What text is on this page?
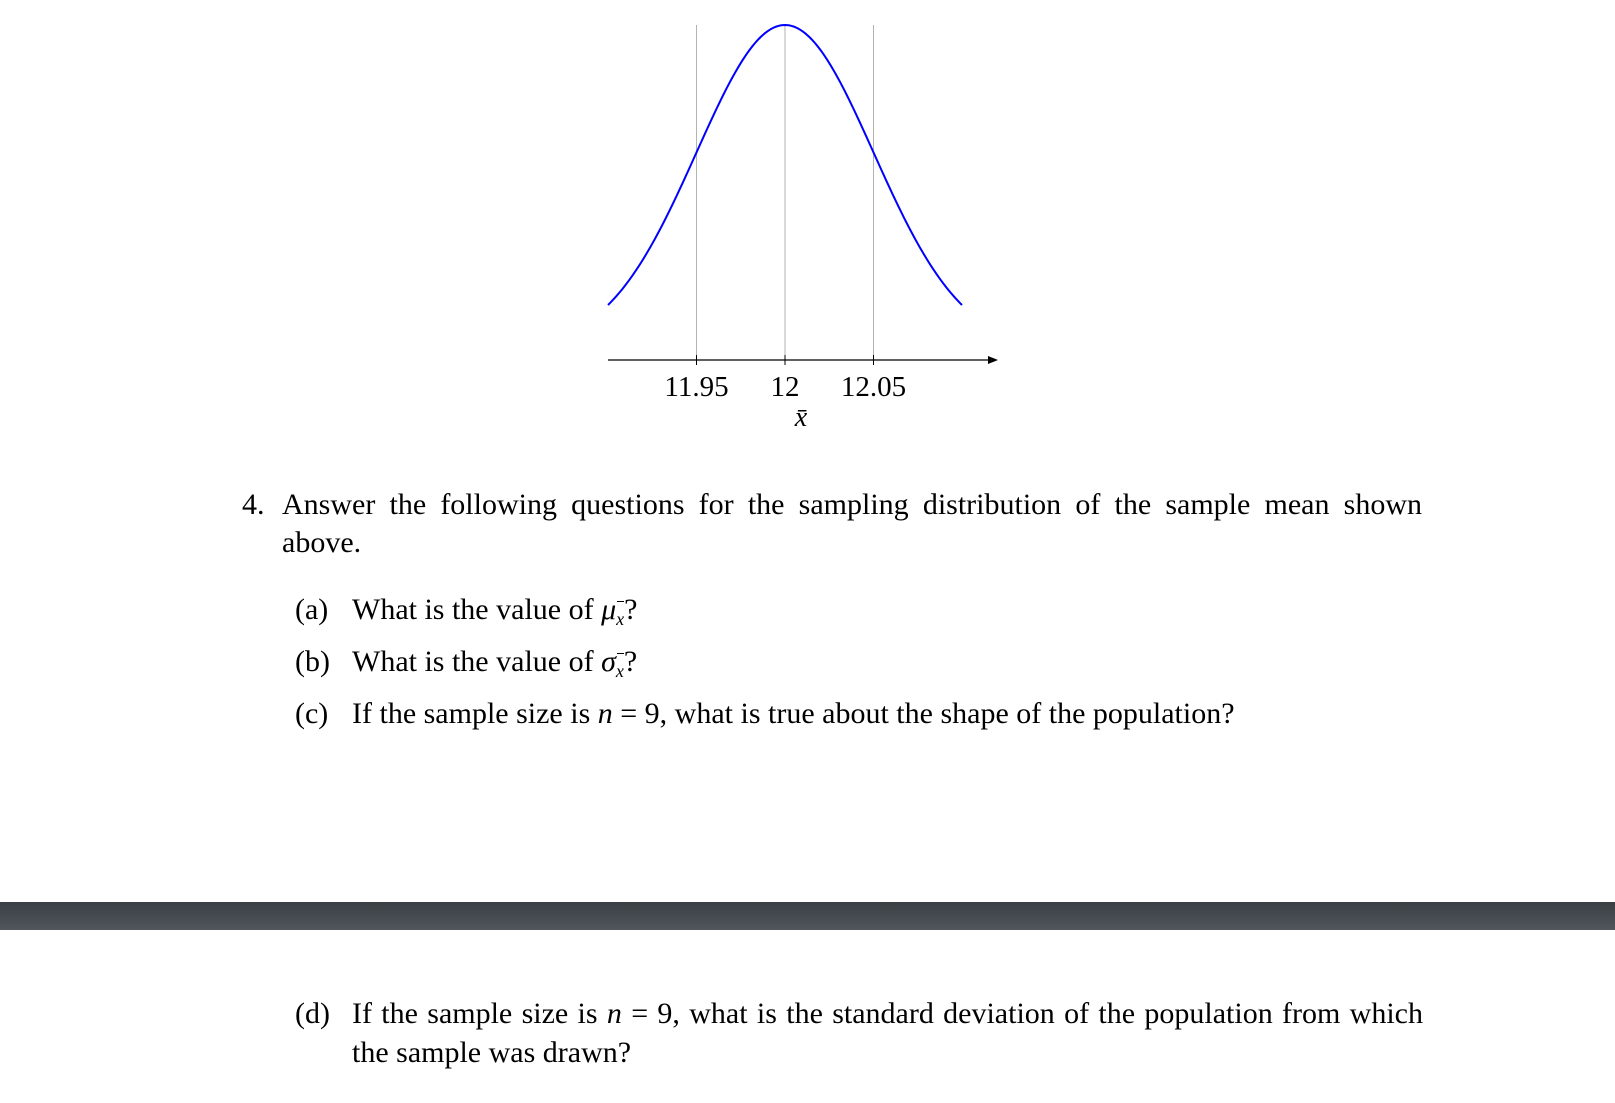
11.95 12 12.05
x̄
4. Answer the following questions for the sampling distribution of the sample mean shown above.
(a) What is the value of μx?
(b) What is the value of σx?
(c) If the sample size is n = 9, what is true about the shape of the population?
(d) If the sample size is n = 9, what is the standard deviation of the population from which the sample was drawn?
